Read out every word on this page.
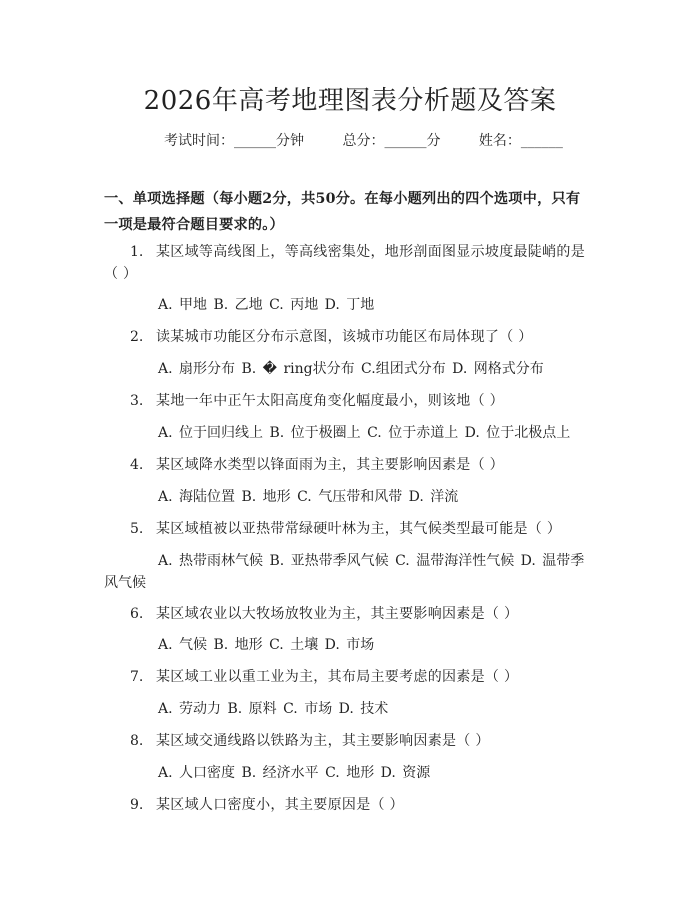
2026年高考地理图表分析题及答案
考试时间：______分钟	总分：______分	姓名：______
一、单项选择题（每小题2分，共50分。在每小题列出的四个选项中，只有一项是最符合题目要求的。）
1. 某区域等高线图上，等高线密集处，地形剖面图显示坡度最陡峭的是（ ）
A. 甲地 B. 乙地 C. 丙地 D. 丁地
2. 读某城市功能区分布示意图，该城市功能区布局体现了（ ）
A. 扇形分布 B. � ring状分布 C.组团式分布 D. 网格式分布
3. 某地一年中正午太阳高度角变化幅度最小，则该地（ ）
A. 位于回归线上 B. 位于极圈上 C. 位于赤道上 D. 位于北极点上
4. 某区域降水类型以锋面雨为主，其主要影响因素是（ ）
A. 海陆位置 B. 地形 C. 气压带和风带 D. 洋流
5. 某区域植被以亚热带常绿硬叶林为主，其气候类型最可能是（ ）
A. 热带雨林气候 B. 亚热带季风气候 C. 温带海洋性气候 D. 温带季风气候
6. 某区域农业以大牧场放牧业为主，其主要影响因素是（ ）
A. 气候 B. 地形 C. 土壤 D. 市场
7. 某区域工业以重工业为主，其布局主要考虑的因素是（ ）
A. 劳动力 B. 原料 C. 市场 D. 技术
8. 某区域交通线路以铁路为主，其主要影响因素是（ ）
A. 人口密度 B. 经济水平 C. 地形 D. 资源
9. 某区域人口密度小，其主要原因是（ ）
